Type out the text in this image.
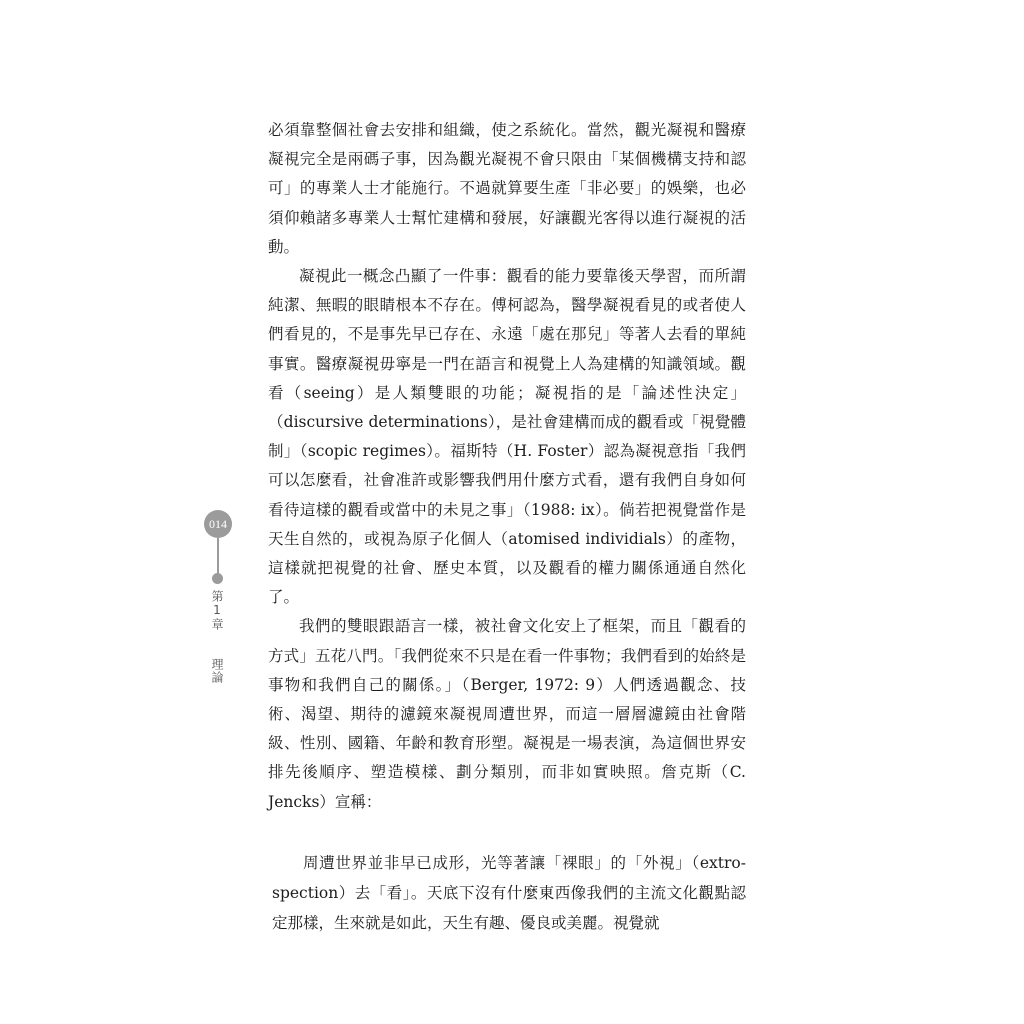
必須靠整個社會去安排和組織，使之系統化。當然，觀光凝視和醫療凝視完全是兩碼子事，因為觀光凝視不會只限由「某個機構支持和認可」的專業人士才能施行。不過就算要生產「非必要」的娛樂，也必須仰賴諸多專業人士幫忙建構和發展，好讓觀光客得以進行凝視的活動。

凝視此一概念凸顯了一件事：觀看的能力要靠後天學習，而所謂純潔、無暇的眼睛根本不存在。傅柯認為，醫學凝視看見的或者使人們看見的，不是事先早已存在、永遠「處在那兒」等著人去看的單純事實。醫療凝視毋寧是一門在語言和視覺上人為建構的知識領域。觀看（seeing）是人類雙眼的功能；凝視指的是「論述性決定」（discursive determinations），是社會建構而成的觀看或「視覺體制」（scopic regimes）。福斯特（H. Foster）認為凝視意指「我們可以怎麼看，社會准許或影響我們用什麼方式看，還有我們自身如何看待這樣的觀看或當中的未見之事」（1988: ix）。倘若把視覺當作是天生自然的，或視為原子化個人（atomised individials）的產物，這樣就把視覺的社會、歷史本質，以及觀看的權力關係通通自然化了。

我們的雙眼跟語言一樣，被社會文化安上了框架，而且「觀看的方式」五花八門。「我們從來不只是在看一件事物；我們看到的始終是事物和我們自己的關係。」（Berger, 1972: 9）人們透過觀念、技術、渴望、期待的濾鏡來凝視周遭世界，而這一層層濾鏡由社會階級、性別、國籍、年齡和教育形塑。凝視是一場表演，為這個世界安排先後順序、塑造模樣、劃分類別，而非如實映照。詹克斯（C. Jencks）宣稱：

周遭世界並非早已成形，光等著讓「裸眼」的「外視」（extro-spection）去「看」。天底下沒有什麼東西像我們的主流文化觀點認定那樣，生來就是如此，天生有趣、優良或美麗。視覺就

014
第1章 理論
